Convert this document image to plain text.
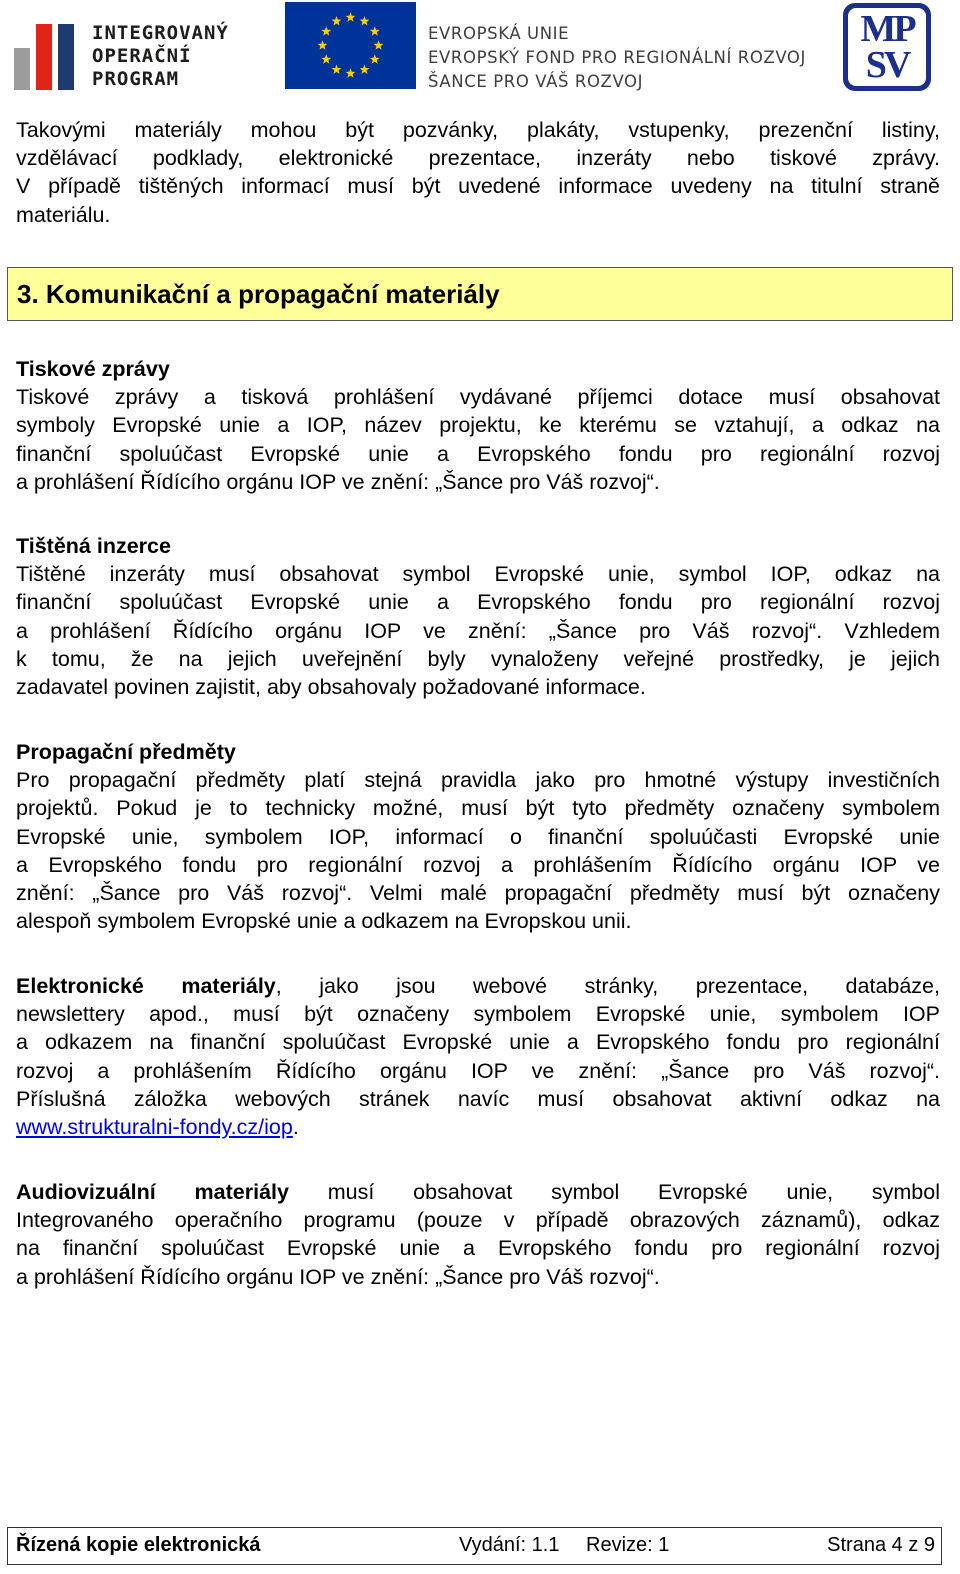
INTEGROVANÝ
OPERAČNÍ
PROGRAM
EVROPSKÁ UNIE
EVROPSKÝ FOND PRO REGIONÁLNÍ ROZVOJ
ŠANCE PRO VÁŠ ROZVOJ
MP
SV
Takovými materiály mohou být pozvánky, plakáty, vstupenky, prezenční listiny,
vzdělávací podklady, elektronické prezentace, inzeráty nebo tiskové zprávy.
V případě tištěných informací musí být uvedené informace uvedeny na titulní straně
materiálu.
3. Komunikační a propagační materiály
Tiskové zprávy
Tiskové zprávy a tisková prohlášení vydávané příjemci dotace musí obsahovat
symboly Evropské unie a IOP, název projektu, ke kterému se vztahují, a odkaz na
finanční spoluúčast Evropské unie a Evropského fondu pro regionální rozvoj
a prohlášení Řídícího orgánu IOP ve znění: „Šance pro Váš rozvoj“.
Tištěná inzerce
Tištěné inzeráty musí obsahovat symbol Evropské unie, symbol IOP, odkaz na
finanční spoluúčast Evropské unie a Evropského fondu pro regionální rozvoj
a prohlášení Řídícího orgánu IOP ve znění: „Šance pro Váš rozvoj“. Vzhledem
k tomu, že na jejich uveřejnění byly vynaloženy veřejné prostředky, je jejich
zadavatel povinen zajistit, aby obsahovaly požadované informace.
Propagační předměty
Pro propagační předměty platí stejná pravidla jako pro hmotné výstupy investičních
projektů. Pokud je to technicky možné, musí být tyto předměty označeny symbolem
Evropské unie, symbolem IOP, informací o finanční spoluúčasti Evropské unie
a Evropského fondu pro regionální rozvoj a prohlášením Řídícího orgánu IOP ve
znění: „Šance pro Váš rozvoj“. Velmi malé propagační předměty musí být označeny
alespoň symbolem Evropské unie a odkazem na Evropskou unii.
Elektronické materiály, jako jsou webové stránky, prezentace, databáze,
newslettery apod., musí být označeny symbolem Evropské unie, symbolem IOP
a odkazem na finanční spoluúčast Evropské unie a Evropského fondu pro regionální
rozvoj a prohlášením Řídícího orgánu IOP ve znění: „Šance pro Váš rozvoj“.
Příslušná záložka webových stránek navíc musí obsahovat aktivní odkaz na
www.strukturalni-fondy.cz/iop.
Audiovizuální materiály musí obsahovat symbol Evropské unie, symbol
Integrovaného operačního programu (pouze v případě obrazových záznamů), odkaz
na finanční spoluúčast Evropské unie a Evropského fondu pro regionální rozvoj
a prohlášení Řídícího orgánu IOP ve znění: „Šance pro Váš rozvoj“.
Řízená kopie elektronická	Vydání: 1.1 Revize: 1	Strana 4 z 9
